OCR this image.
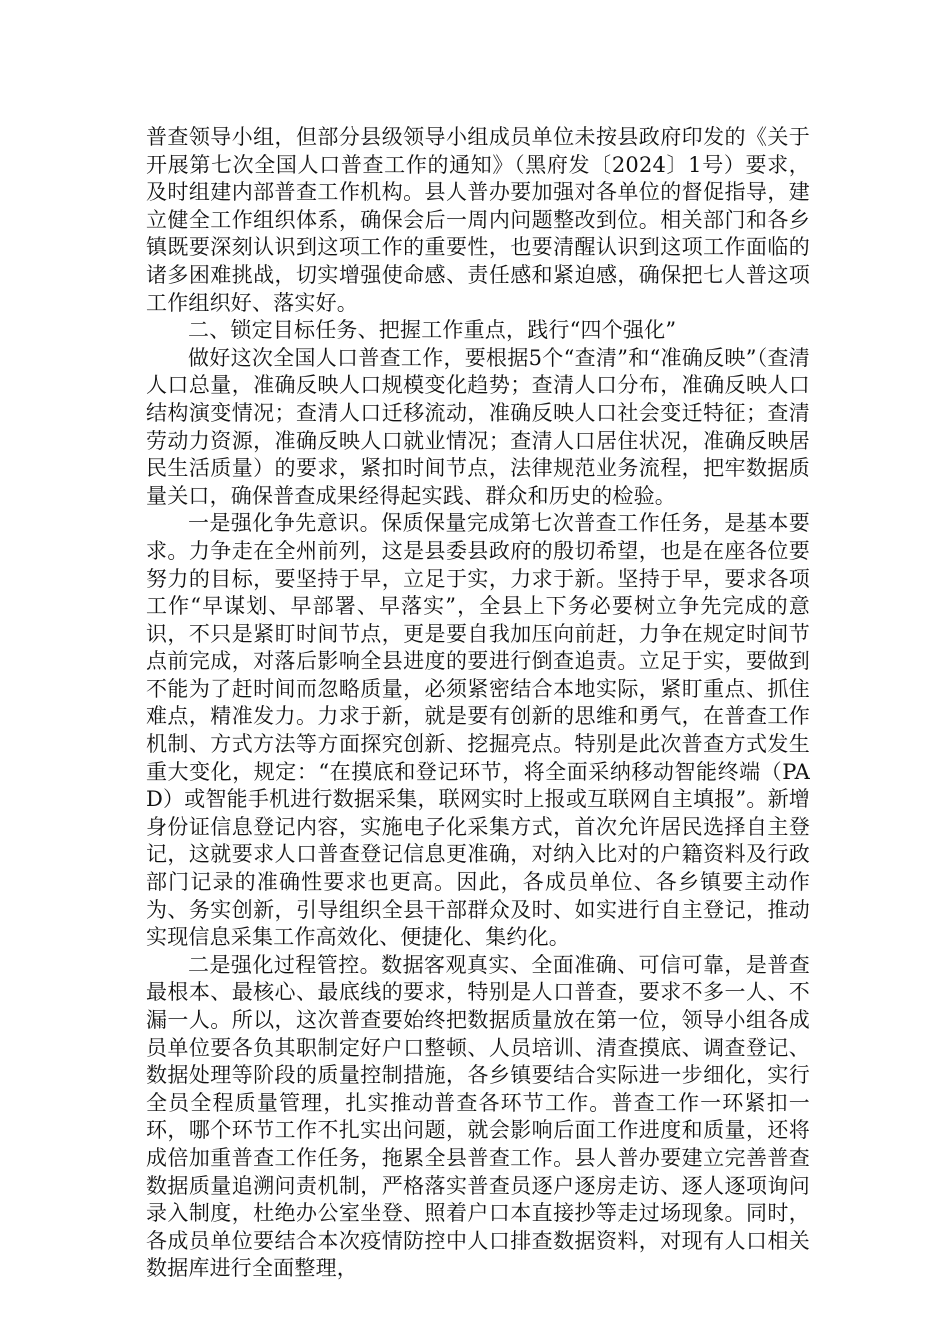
普查领导小组，但部分县级领导小组成员单位未按县政府印发的《关于开展第七次全国人口普查工作的通知》（黑府发〔2024〕1号）要求，及时组建内部普查工作机构。县人普办要加强对各单位的督促指导，建立健全工作组织体系，确保会后一周内问题整改到位。相关部门和各乡镇既要深刻认识到这项工作的重要性，也要清醒认识到这项工作面临的诸多困难挑战，切实增强使命感、责任感和紧迫感，确保把七人普这项工作组织好、落实好。

二、锁定目标任务、把握工作重点，践行“四个强化”

做好这次全国人口普查工作，要根据5个“查清”和“准确反映”（查清人口总量，准确反映人口规模变化趋势；查清人口分布，准确反映人口结构演变情况；查清人口迁移流动，准确反映人口社会变迁特征；查清劳动力资源，准确反映人口就业情况；查清人口居住状况，准确反映居民生活质量）的要求，紧扣时间节点，法律规范业务流程，把牢数据质量关口，确保普查成果经得起实践、群众和历史的检验。

一是强化争先意识。保质保量完成第七次普查工作任务，是基本要求。力争走在全州前列，这是县委县政府的殷切希望，也是在座各位要努力的目标，要坚持于早，立足于实，力求于新。坚持于早，要求各项工作“早谋划、早部署、早落实”，全县上下务必要树立争先完成的意识，不只是紧盯时间节点，更是要自我加压向前赶，力争在规定时间节点前完成，对落后影响全县进度的要进行倒查追责。立足于实，要做到不能为了赶时间而忽略质量，必须紧密结合本地实际，紧盯重点、抓住难点，精准发力。力求于新，就是要有创新的思维和勇气，在普查工作机制、方式方法等方面探究创新、挖掘亮点。特别是此次普查方式发生重大变化，规定：“在摸底和登记环节，将全面采纳移动智能终端（PAD）或智能手机进行数据采集，联网实时上报或互联网自主填报”。新增身份证信息登记内容，实施电子化采集方式，首次允许居民选择自主登记，这就要求人口普查登记信息更准确，对纳入比对的户籍资料及行政部门记录的准确性要求也更高。因此，各成员单位、各乡镇要主动作为、务实创新，引导组织全县干部群众及时、如实进行自主登记，推动实现信息采集工作高效化、便捷化、集约化。

二是强化过程管控。数据客观真实、全面准确、可信可靠，是普查最根本、最核心、最底线的要求，特别是人口普查，要求不多一人、不漏一人。所以，这次普查要始终把数据质量放在第一位，领导小组各成员单位要各负其职制定好户口整顿、人员培训、清查摸底、调查登记、数据处理等阶段的质量控制措施，各乡镇要结合实际进一步细化，实行全员全程质量管理，扎实推动普查各环节工作。普查工作一环紧扣一环，哪个环节工作不扎实出问题，就会影响后面工作进度和质量，还将成倍加重普查工作任务，拖累全县普查工作。县人普办要建立完善普查数据质量追溯问责机制，严格落实普查员逐户逐房走访、逐人逐项询问录入制度，杜绝办公室坐登、照着户口本直接抄等走过场现象。同时，各成员单位要结合本次疫情防控中人口排查数据资料，对现有人口相关数据库进行全面整理，
